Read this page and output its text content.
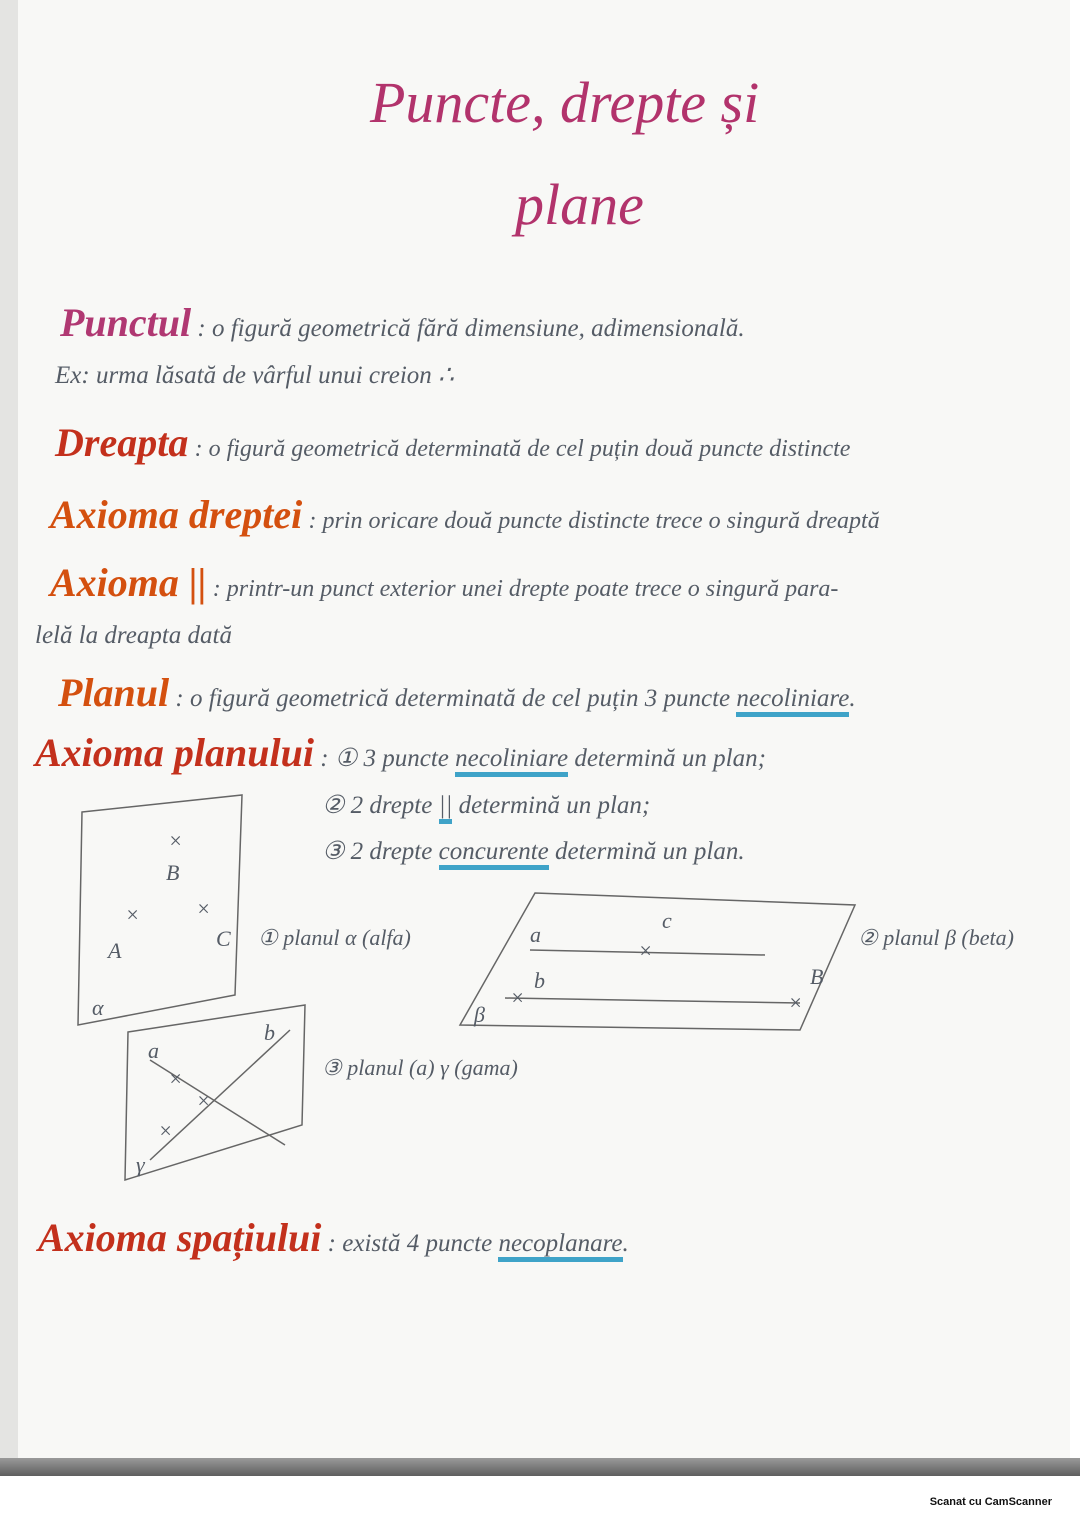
Puncte, drepte și
plane
Punctul : o figură geometrică fără dimensiune, adimensională.
Ex: urma lăsată de vârful unui creion ∴
Dreapta : o figură geometrică determinată de cel puțin două puncte distincte
Axioma dreptei : prin oricare două puncte distincte trece o singură dreaptă
Axioma || : printr-un punct exterior unei drepte poate trece o singură para-
lelă la dreapta dată
Planul : o figură geometrică determinată de cel puțin 3 puncte necoliniare.
Axioma planului : ① 3 puncte necoliniare determină un plan;
② 2 drepte || determină un plan;
③ 2 drepte concurente determină un plan.
×
B
×
A
×
C
α
① planul α (alfa)	a
×
c
×
b
×
B
β
② planul β (beta)
a
b
×
×
×
γ
③ planul (a) γ (gama)
Axioma spațiului : există 4 puncte necoplanare.
Scanat cu CamScanner
